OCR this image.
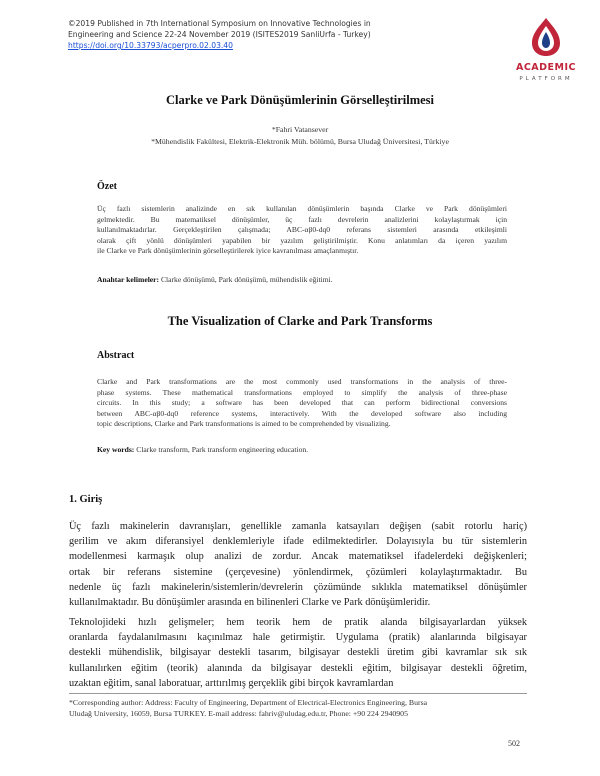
©2019 Published in 7th International Symposium on Innovative Technologies in
Engineering and Science 22-24 November 2019 (ISITES2019 SanliUrfa - Turkey)
https://doi.org/10.33793/acperpro.02.03.40
ACADEMIC
PLATFORM
Clarke ve Park Dönüşümlerinin Görselleştirilmesi
*Fahri Vatansever
*Mühendislik Fakültesi, Elektrik-Elektronik Müh. bölümü, Bursa Uludağ Üniversitesi, Türkiye
Özet
Üç fazlı sistemlerin analizinde en sık kullanılan dönüşümlerin başında Clarke ve Park dönüşümleri
gelmektedir. Bu matematiksel dönüşümler, üç fazlı devrelerin analizlerini kolaylaştırmak için
kullanılmaktadırlar. Gerçekleştirilen çalışmada; ABC-αβ0-dq0 referans sistemleri arasında etkileşimli
olarak çift yönlü dönüşümleri yapabilen bir yazılım geliştirilmiştir. Konu anlatımları da içeren yazılım
ile Clarke ve Park dönüşümlerinin görselleştirilerek iyice kavranılması amaçlanmıştır.
Anahtar kelimeler: Clarke dönüşümü, Park dönüşümü, mühendislik eğitimi.
The Visualization of Clarke and Park Transforms
Abstract
Clarke and Park transformations are the most commonly used transformations in the analysis of three-
phase systems. These mathematical transformations employed to simplify the analysis of three-phase
circuits. In this study; a software has been developed that can perform bidirectional conversions
between ABC-αβ0-dq0 reference systems, interactively. With the developed software also including
topic descriptions, Clarke and Park transformations is aimed to be comprehended by visualizing.
Key words: Clarke transform, Park transform engineering education.
1. Giriş
Üç fazlı makinelerin davranışları, genellikle zamanla katsayıları değişen (sabit rotorlu hariç)
gerilim ve akım diferansiyel denklemleriyle ifade edilmektedirler. Dolayısıyla bu tür sistemlerin
modellenmesi karmaşık olup analizi de zordur. Ancak matematiksel ifadelerdeki değişkenleri;
ortak bir referans sistemine (çerçevesine) yönlendirmek, çözümleri kolaylaştırmaktadır. Bu
nedenle üç fazlı makinelerin/sistemlerin/devrelerin çözümünde sıklıkla matematiksel dönüşümler
kullanılmaktadır. Bu dönüşümler arasında en bilinenleri Clarke ve Park dönüşümleridir.
Teknolojideki hızlı gelişmeler; hem teorik hem de pratik alanda bilgisayarlardan yüksek
oranlarda faydalanılmasını kaçınılmaz hale getirmiştir. Uygulama (pratik) alanlarında bilgisayar
destekli mühendislik, bilgisayar destekli tasarım, bilgisayar destekli üretim gibi kavramlar sık sık
kullanılırken eğitim (teorik) alanında da bilgisayar destekli eğitim, bilgisayar destekli öğretim,
uzaktan eğitim, sanal laboratuar, arttırılmış gerçeklik gibi birçok kavramlardan
*Corresponding author: Address: Faculty of Engineering, Department of Electrical-Electronics Engineering, Bursa
Uludağ University, 16059, Bursa TURKEY. E-mail address: fahriv@uludag.edu.tr, Phone: +90 224 2940905
502
